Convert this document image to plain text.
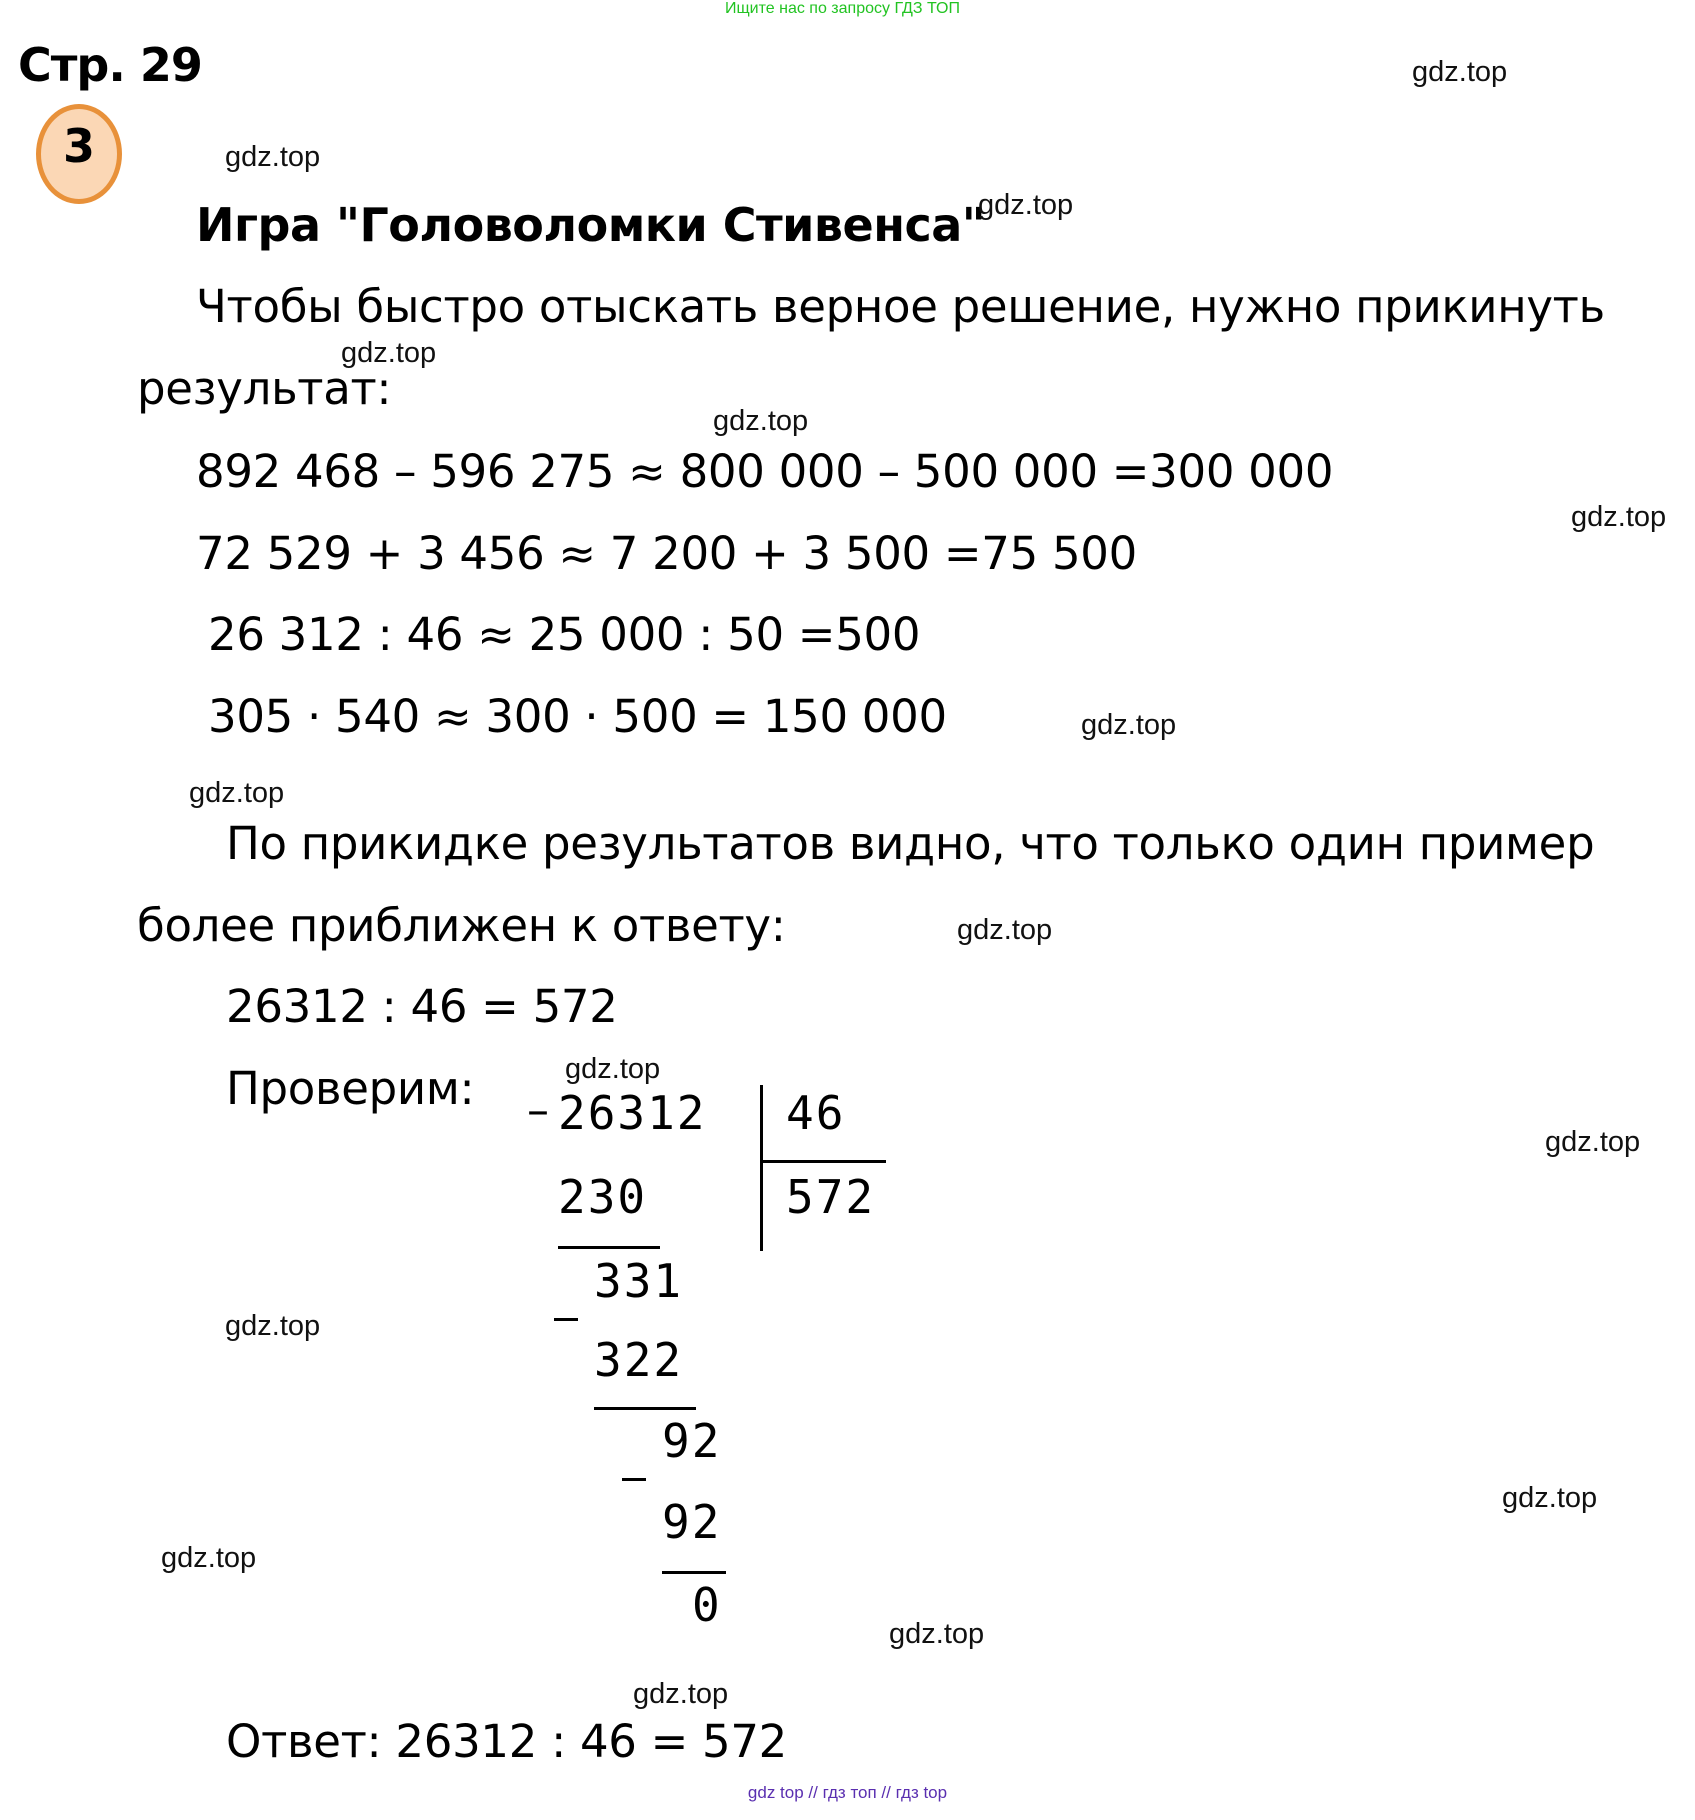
Ищите нас по запросу ГДЗ ТОП
Стр. 29
3
Игра "Головоломки Стивенса"
Чтобы быстро отыскать верное решение, нужно прикинуть
результат:
892 468 – 596 275 ≈ 800 000 – 500 000 =300 000
72 529 + 3 456 ≈ 7 200 + 3 500 =75 500
26 312 : 46 ≈ 25 000 : 50 =500
305 · 540 ≈ 300 · 500 = 150 000
По прикидке результатов видно, что только один пример
более приближен к ответу:
26312 : 46 = 572
Проверим: – 26312 46
572
230
331
322
92
92
0
Ответ: 26312 : 46 = 572
gdz.top
gdz.top
gdz.top
gdz.top
gdz.top
gdz.top
gdz.top
gdz.top
gdz.top
gdz.top
gdz.top
gdz.top
gdz.top
gdz.top
gdz.top
gdz.top
gdz top // гдз топ // гдз top
